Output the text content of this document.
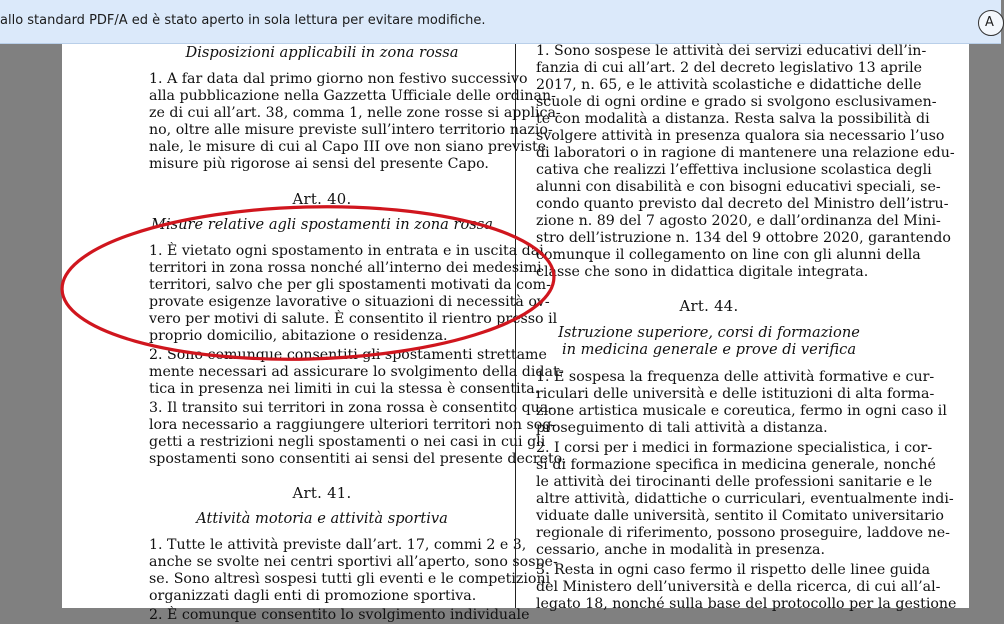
allo standard PDF/A ed è stato aperto in sola lettura per evitare modifiche.	A

Disposizioni applicabili in zona rossa

1. A far data dal primo giorno non festivo successivo
alla pubblicazione nella Gazzetta Ufficiale delle ordinan-
ze di cui all’art. 38, comma 1, nelle zone rosse si applica-
no, oltre alle misure previste sull’intero territorio nazio-
nale, le misure di cui al Capo III ove non siano previste
misure più rigorose ai sensi del presente Capo.

Art. 40.

Misure relative agli spostamenti in zona rossa

1. È vietato ogni spostamento in entrata e in uscita dai
territori in zona rossa nonché all’interno dei medesimi
territori, salvo che per gli spostamenti motivati da com-
provate esigenze lavorative o situazioni di necessità ov-
vero per motivi di salute. È consentito il rientro presso il
proprio domicilio, abitazione o residenza.

2. Sono comunque consentiti gli spostamenti strettame
mente necessari ad assicurare lo svolgimento della didat-
tica in presenza nei limiti in cui la stessa è consentita.

3. Il transito sui territori in zona rossa è consentito qua-
lora necessario a raggiungere ulteriori territori non sog-
getti a restrizioni negli spostamenti o nei casi in cui gli
spostamenti sono consentiti ai sensi del presente decreto.

Art. 41.

Attività motoria e attività sportiva

1. Tutte le attività previste dall’art. 17, commi 2 e 3,
anche se svolte nei centri sportivi all’aperto, sono sospe-
se. Sono altresì sospesi tutti gli eventi e le competizioni
organizzati dagli enti di promozione sportiva.

2. È comunque consentito lo svolgimento individuale

1. Sono sospese le attività dei servizi educativi dell’in-
fanzia di cui all’art. 2 del decreto legislativo 13 aprile
2017, n. 65, e le attività scolastiche e didattiche delle
scuole di ogni ordine e grado si svolgono esclusivamen-
te con modalità a distanza. Resta salva la possibilità di
svolgere attività in presenza qualora sia necessario l’uso
di laboratori o in ragione di mantenere una relazione edu-
cativa che realizzi l’effettiva inclusione scolastica degli
alunni con disabilità e con bisogni educativi speciali, se-
condo quanto previsto dal decreto del Ministro dell’istru-
zione n. 89 del 7 agosto 2020, e dall’ordinanza del Mini-
stro dell’istruzione n. 134 del 9 ottobre 2020, garantendo
comunque il collegamento on line con gli alunni della
classe che sono in didattica digitale integrata.

Art. 44.

Istruzione superiore, corsi di formazione

in medicina generale e prove di verifica

1. È sospesa la frequenza delle attività formative e cur-
riculari delle università e delle istituzioni di alta forma-
zione artistica musicale e coreutica, fermo in ogni caso il
proseguimento di tali attività a distanza.

2. I corsi per i medici in formazione specialistica, i cor-
si di formazione specifica in medicina generale, nonché
le attività dei tirocinanti delle professioni sanitarie e le
altre attività, didattiche o curriculari, eventualmente indi-
viduate dalle università, sentito il Comitato universitario
regionale di riferimento, possono proseguire, laddove ne-
cessario, anche in modalità in presenza.

3. Resta in ogni caso fermo il rispetto delle linee guida
del Ministero dell’università e della ricerca, di cui all’al-
legato 18, nonché sulla base del protocollo per la gestione
